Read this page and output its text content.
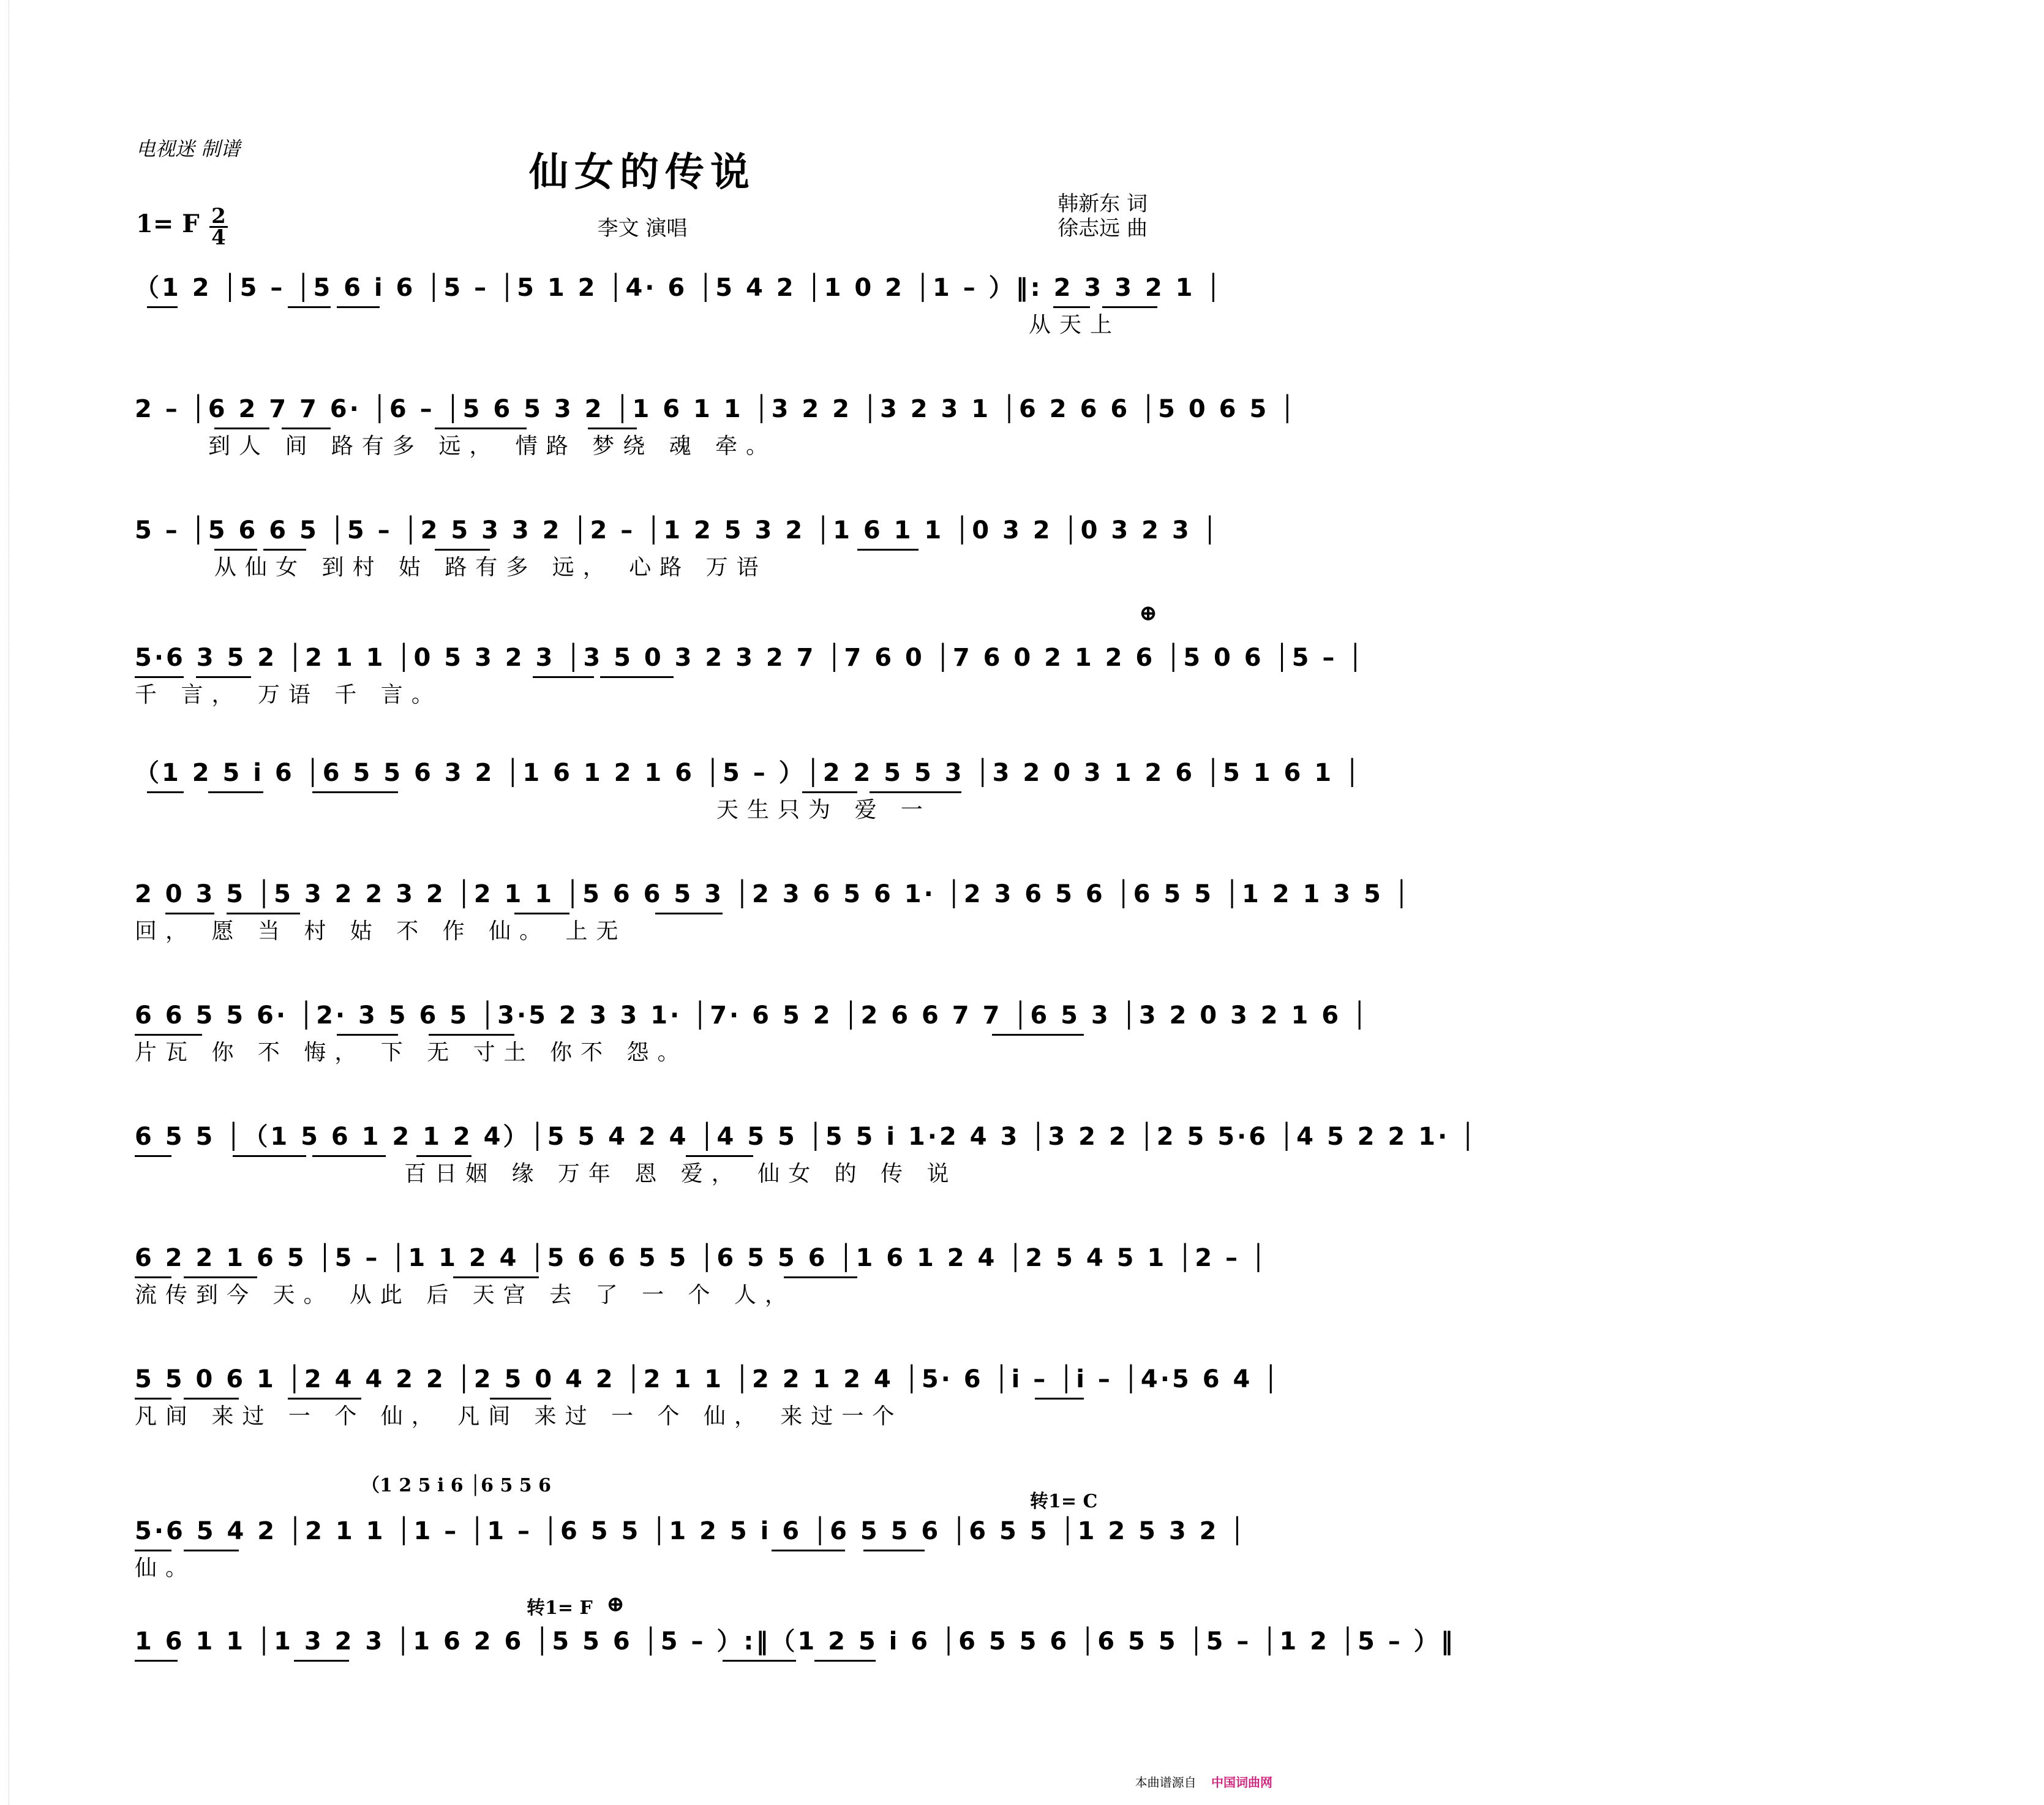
电视迷 制谱
仙女的传说
1= F 2
4	李文 演唱
韩新东 词
徐志远 曲
（1 2 │5 – │5 6 i 6 │5 – │5 1 2 │4· 6 │5 4 2 │1 0 2 │1 – ）‖: 2 3 3 2 1 │
从天上
2 – │6 2 7 7 6· │6 – │5 6 5 3 2 │1 6 1 1 │3 2 2 │3 2 3 1 │6 2 6 6 │5 0 6 5 │
到人 间 路有多 远， 情路 梦绕 魂 牵。
5 – │5 6 6 5 │5 – │2 5 3 3 2 │2 – │1 2 5 3 2 │1 6 1 1 │0 3 2 │0 3 2 3 │
从仙女 到村 姑 路有多 远， 心路 万语
5·6 3 5 2 │2 1 1 │0 5 3 2 3 │3 5 0 3 2 3 2 7 │7 6 0 │7 6 0 2 1 2 6 │5 0 6 │5 – │
千 言， 万语 千 言。
⊕
（1 2 5 i 6 │6 5 5 6 3 2 │1 6 1 2 1 6 │5 – ）│2 2 5 5 3 │3 2 0 3 1 2 6 │5 1 6 1 │
天生只为 爱 一
2 0 3 5 │5 3 2 2 3 2 │2 1 1 │5 6 6 5 3 │2 3 6 5 6 1· │2 3 6 5 6 │6 5 5 │1 2 1 3 5 │
回， 愿 当 村 姑 不 作 仙。 上无
6 6 5 5 6· │2· 3 5 6 5 │3·5 2 3 3 1· │7· 6 5 2 │2 6 6 7 7 │6 5 3 │3 2 0 3 2 1 6 │
片瓦 你 不 悔， 下 无 寸土 你不 怨。
6 5 5 │（1 5 6 1 2 1 2 4）│5 5 4 2 4 │4 5 5 │5 5 i 1·2 4 3 │3 2 2 │2 5 5·6 │4 5 2 2 1· │
百日姻 缘 万年 恩 爱， 仙女 的 传 说
6 2 2 1 6 5 │5 – │1 1 2 4 │5 6 6 5 5 │6 5 5 6 │1 6 1 2 4 │2 5 4 5 1 │2 – │
流传到今 天。 从此 后 天宫 去 了 一 个 人，
5 5 0 6 1 │2 4 4 2 2 │2 5 0 4 2 │2 1 1 │2 2 1 2 4 │5· 6 │i – │i – │4·5 6 4 │
凡间 来过 一 个 仙， 凡间 来过 一 个 仙， 来过一个
（1 2 5 i 6 │6 5 5 6
转1= C
5·6 5 4 2 │2 1 1 │1 – │1 – │6 5 5 │1 2 5 i 6 │6 5 5 6 │6 5 5 │1 2 5 3 2 │
仙。
转1= F ⊕
1 6 1 1 │1 3 2 3 │1 6 2 6 │5 5 6 │5 – ）:‖（1 2 5 i 6 │6 5 5 6 │6 5 5 │5 – │1 2 │5 – ）‖
本曲谱源自 中国词曲网
